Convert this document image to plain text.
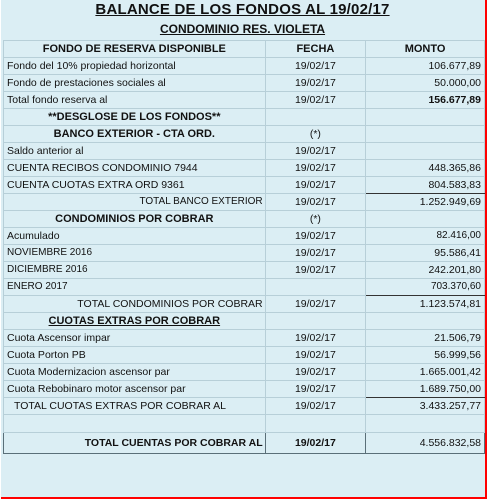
BALANCE DE LOS FONDOS AL 19/02/17
CONDOMINIO RES. VIOLETA
FONDO DE RESERVA DISPONIBLE	FECHA	MONTO
Fondo del 10% propiedad horizontal	19/02/17	106.677,89
Fondo de prestaciones sociales al	19/02/17	50.000,00
Total fondo reserva al	19/02/17	156.677,89
**DESGLOSE DE LOS FONDOS**		
BANCO EXTERIOR - CTA ORD.	(*)	
Saldo anterior al	19/02/17	
CUENTA RECIBOS CONDOMINIO 7944	19/02/17	448.365,86
CUENTA CUOTAS EXTRA ORD 9361	19/02/17	804.583,83
TOTAL BANCO EXTERIOR	19/02/17	1.252.949,69
CONDOMINIOS POR COBRAR	(*)	
Acumulado	19/02/17	82.416,00
NOVIEMBRE 2016	19/02/17	95.586,41
DICIEMBRE 2016	19/02/17	242.201,80
ENERO 2017		703.370,60
TOTAL CONDOMINIOS POR COBRAR	19/02/17	1.123.574,81
CUOTAS EXTRAS POR COBRAR		
Cuota Ascensor impar	19/02/17	21.506,79
Cuota Porton PB	19/02/17	56.999,56
Cuota Modernizacion ascensor par	19/02/17	1.665.001,42
Cuota Rebobinaro motor ascensor par	19/02/17	1.689.750,00
TOTAL CUOTAS EXTRAS POR COBRAR AL	19/02/17	3.433.257,77

TOTAL CUENTAS POR COBRAR AL	19/02/17	4.556.832,58
